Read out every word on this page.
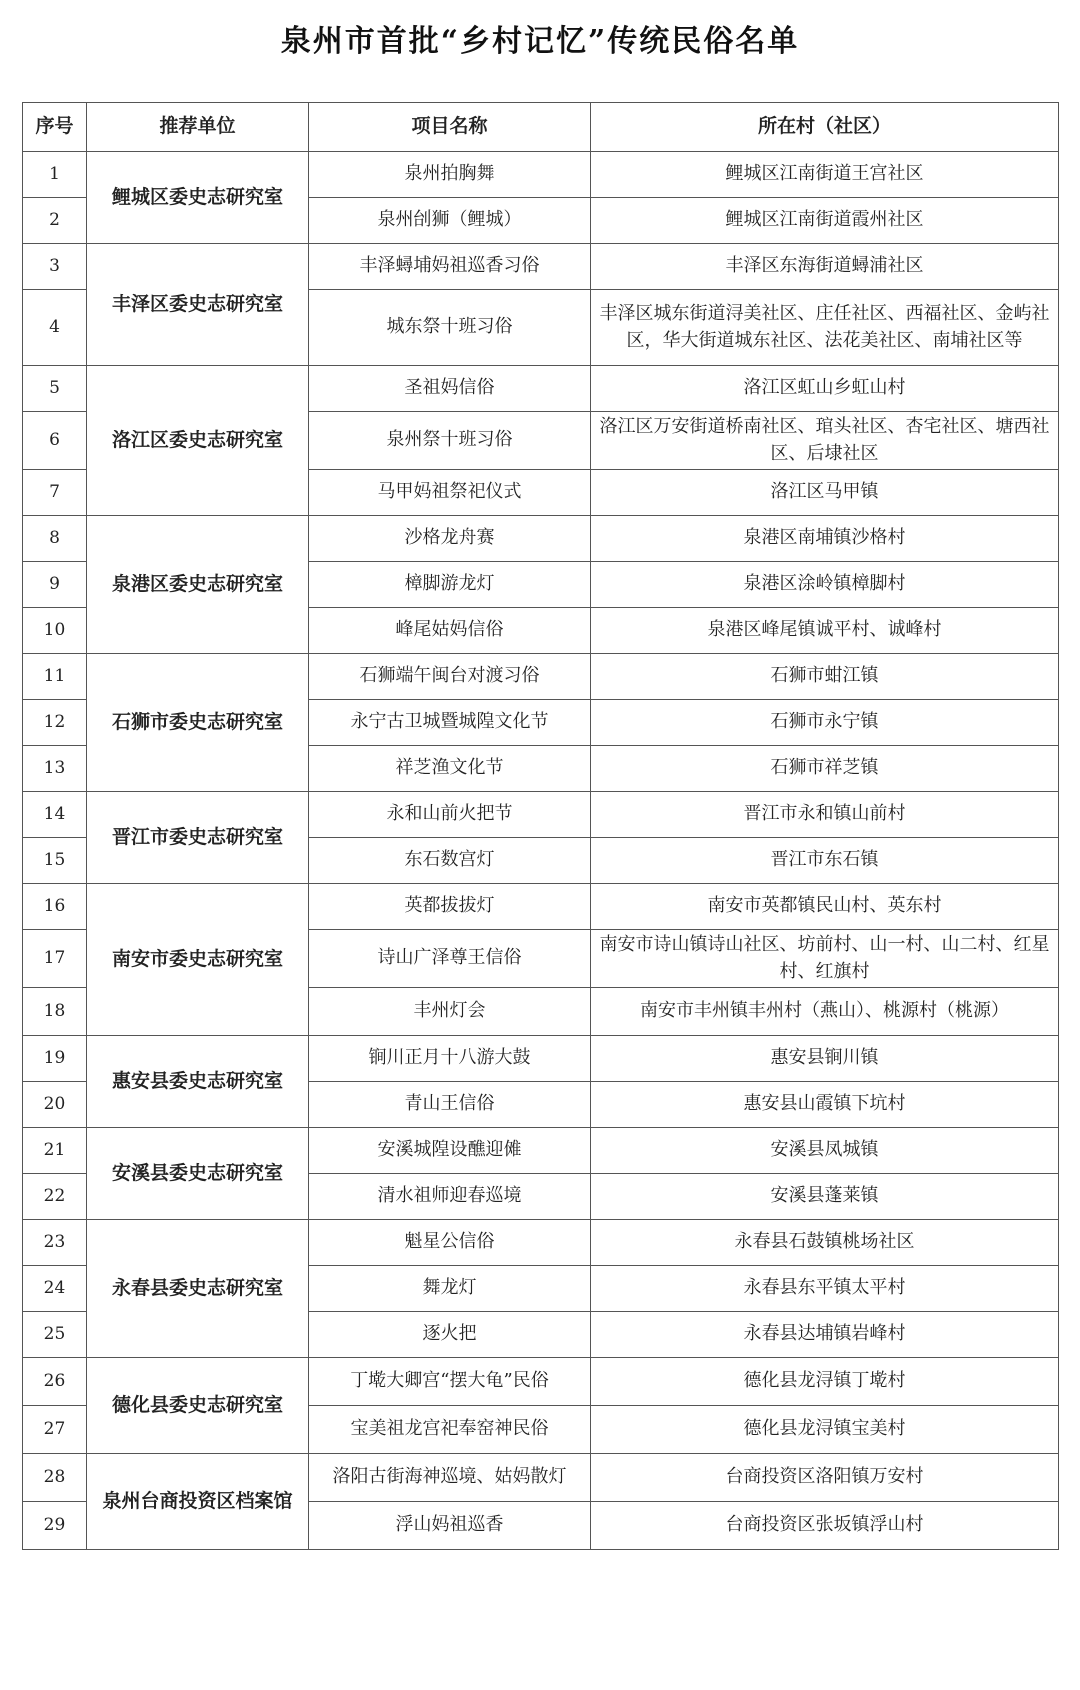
泉州市首批“乡村记忆”传统民俗名单
序号	推荐单位	项目名称	所在村（社区）
1	鲤城区委史志研究室	泉州拍胸舞	鲤城区江南街道王宫社区
2		泉州刣狮（鲤城）	鲤城区江南街道霞州社区
3	丰泽区委史志研究室	丰泽蟳埔妈祖巡香习俗	丰泽区东海街道蟳浦社区
4		城东祭十班习俗	丰泽区城东街道浔美社区、庄任社区、西福社区、金屿社区，华大街道城东社区、法花美社区、南埔社区等
5	洛江区委史志研究室	圣祖妈信俗	洛江区虹山乡虹山村
6		泉州祭十班习俗	洛江区万安街道桥南社区、琯头社区、杏宅社区、塘西社区、后埭社区
7		马甲妈祖祭祀仪式	洛江区马甲镇
8	泉港区委史志研究室	沙格龙舟赛	泉港区南埔镇沙格村
9		樟脚游龙灯	泉港区涂岭镇樟脚村
10		峰尾姑妈信俗	泉港区峰尾镇诚平村、诚峰村
11	石狮市委史志研究室	石狮端午闽台对渡习俗	石狮市蚶江镇
12		永宁古卫城暨城隍文化节	石狮市永宁镇
13		祥芝渔文化节	石狮市祥芝镇
14	晋江市委史志研究室	永和山前火把节	晋江市永和镇山前村
15		东石数宫灯	晋江市东石镇
16	南安市委史志研究室	英都拔拔灯	南安市英都镇民山村、英东村
17		诗山广泽尊王信俗	南安市诗山镇诗山社区、坊前村、山一村、山二村、红星村、红旗村
18		丰州灯会	南安市丰州镇丰州村（燕山）、桃源村（桃源）
19	惠安县委史志研究室	锏川正月十八游大鼓	惠安县锏川镇
20		青山王信俗	惠安县山霞镇下坑村
21	安溪县委史志研究室	安溪城隍设醮迎傩	安溪县凤城镇
22		清水祖师迎春巡境	安溪县蓬莱镇
23	永春县委史志研究室	魁星公信俗	永春县石鼓镇桃场社区
24		舞龙灯	永春县东平镇太平村
25		逐火把	永春县达埔镇岩峰村
26	德化县委史志研究室	丁墘大卿宫“摆大龟”民俗	德化县龙浔镇丁墘村
27		宝美祖龙宫祀奉窑神民俗	德化县龙浔镇宝美村
28	泉州台商投资区档案馆	洛阳古街海神巡境、姑妈散灯	台商投资区洛阳镇万安村
29		浮山妈祖巡香	台商投资区张坂镇浮山村
